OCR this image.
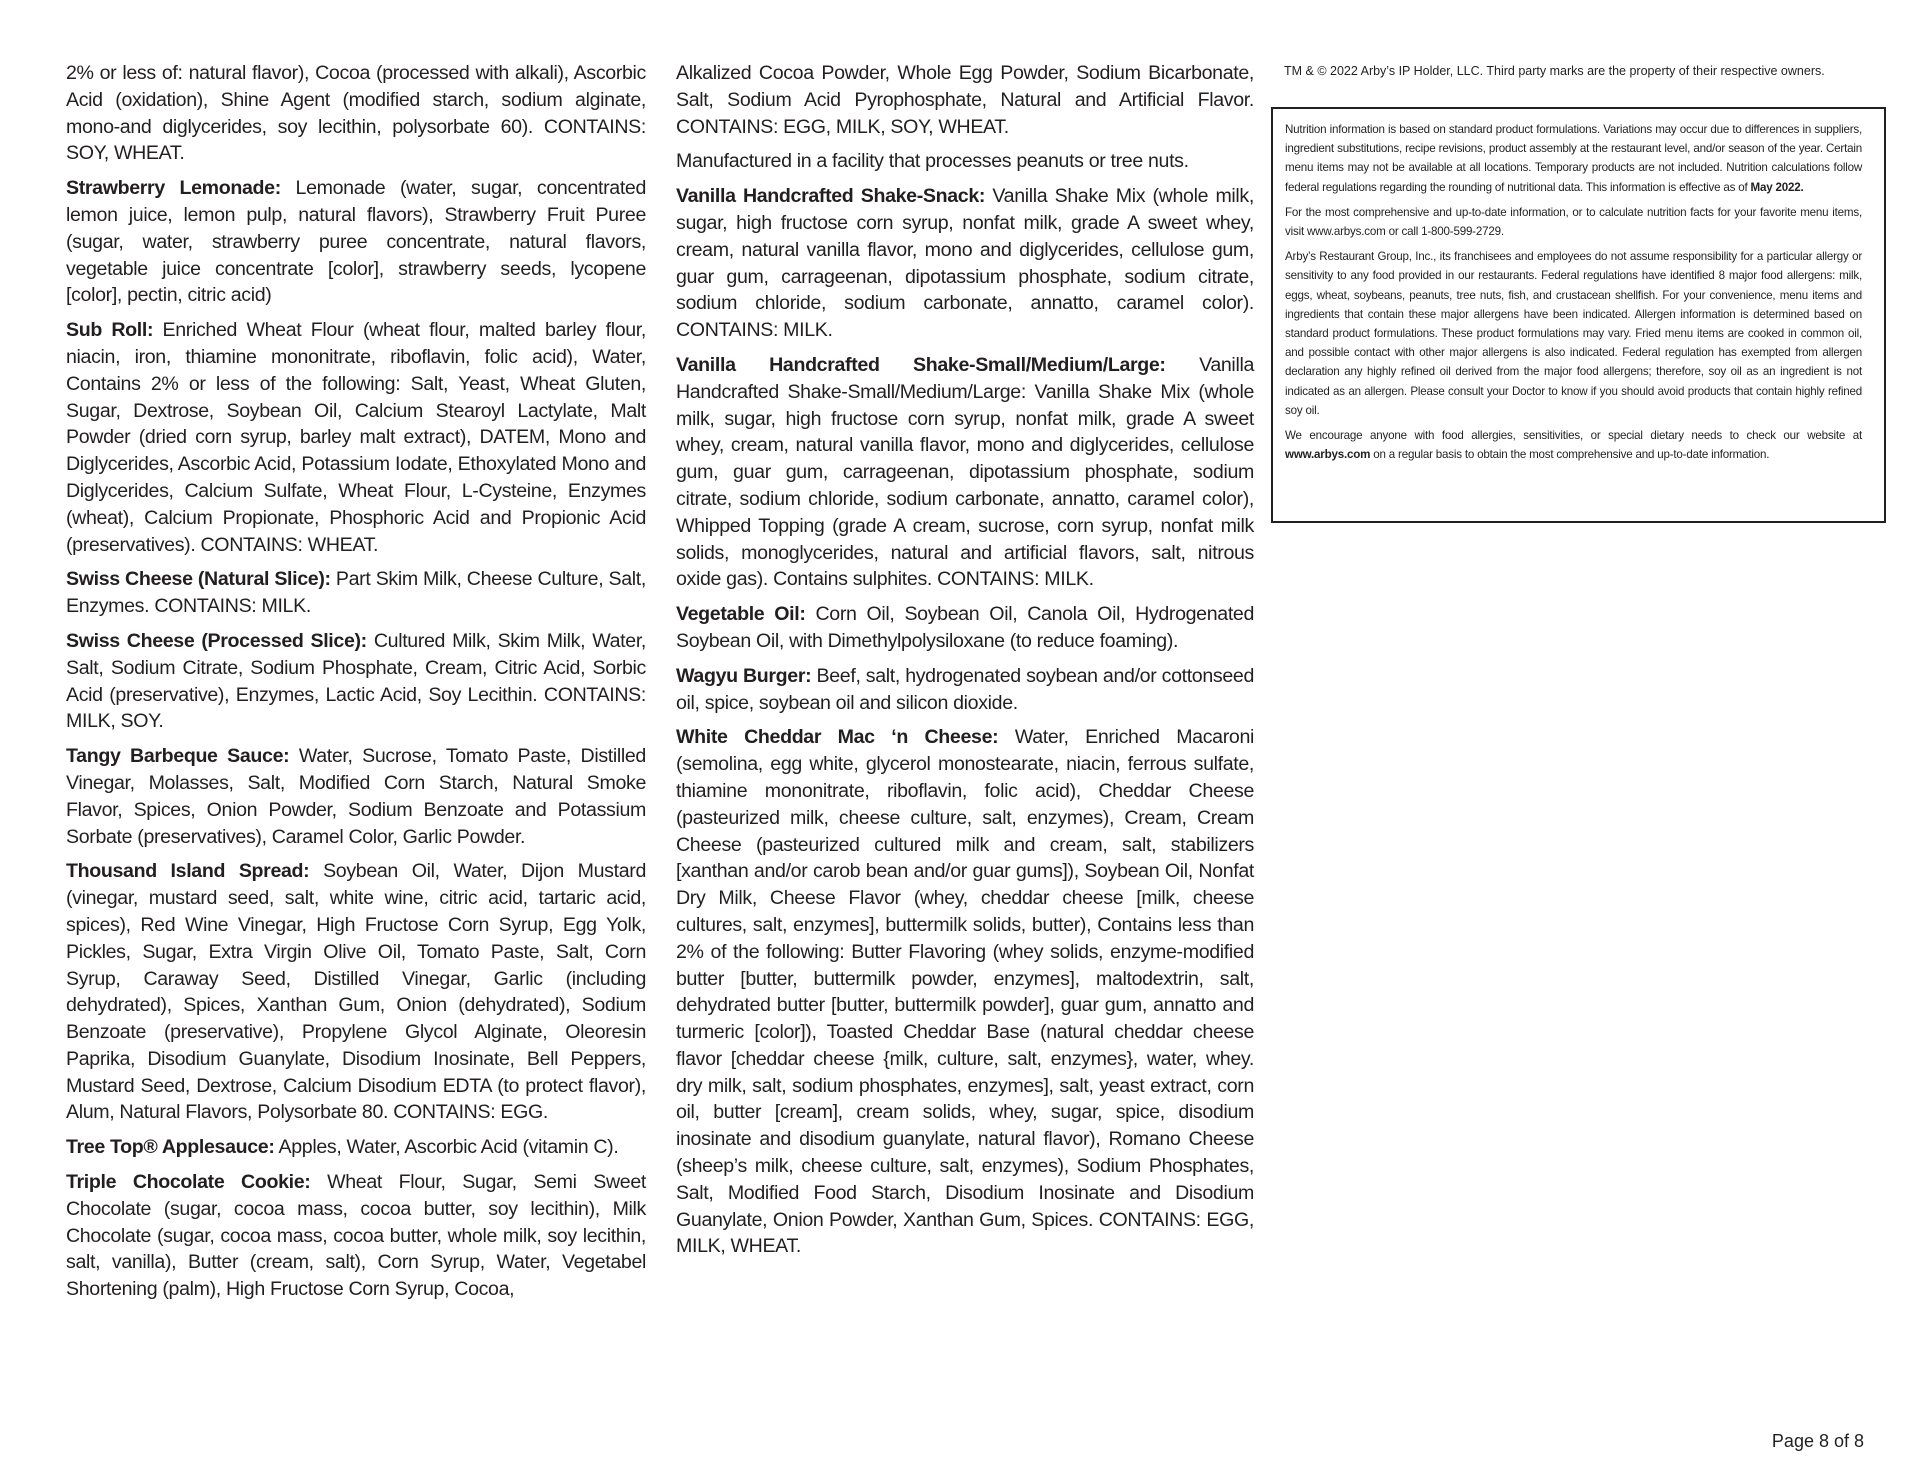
2% or less of: natural flavor), Cocoa (processed with alkali), Ascorbic Acid (oxidation), Shine Agent (modified starch, sodium alginate, mono-and diglycerides, soy lecithin, polysorbate 60). CONTAINS: SOY, WHEAT.

Strawberry Lemonade: Lemonade (water, sugar, concentrated lemon juice, lemon pulp, natural flavors), Strawberry Fruit Puree (sugar, water, strawberry puree concentrate, natural flavors, vegetable juice concentrate [color], strawberry seeds, lycopene [color], pectin, citric acid)

Sub Roll: Enriched Wheat Flour (wheat flour, malted barley flour, niacin, iron, thiamine mononitrate, riboflavin, folic acid), Water, Contains 2% or less of the following: Salt, Yeast, Wheat Gluten, Sugar, Dextrose, Soybean Oil, Calcium Stearoyl Lactylate, Malt Powder (dried corn syrup, barley malt extract), DATEM, Mono and Diglycerides, Ascorbic Acid, Potassium Iodate, Ethoxylated Mono and Diglycerides, Calcium Sulfate, Wheat Flour, L-Cysteine, Enzymes (wheat), Calcium Propionate, Phosphoric Acid and Propionic Acid (preservatives). CONTAINS: WHEAT.

Swiss Cheese (Natural Slice): Part Skim Milk, Cheese Culture, Salt, Enzymes. CONTAINS: MILK.

Swiss Cheese (Processed Slice): Cultured Milk, Skim Milk, Water, Salt, Sodium Citrate, Sodium Phosphate, Cream, Citric Acid, Sorbic Acid (preservative), Enzymes, Lactic Acid, Soy Lecithin. CONTAINS: MILK, SOY.

Tangy Barbeque Sauce: Water, Sucrose, Tomato Paste, Distilled Vinegar, Molasses, Salt, Modified Corn Starch, Natural Smoke Flavor, Spices, Onion Powder, Sodium Benzoate and Potassium Sorbate (preservatives), Caramel Color, Garlic Powder.

Thousand Island Spread: Soybean Oil, Water, Dijon Mustard (vinegar, mustard seed, salt, white wine, citric acid, tartaric acid, spices), Red Wine Vinegar, High Fructose Corn Syrup, Egg Yolk, Pickles, Sugar, Extra Virgin Olive Oil, Tomato Paste, Salt, Corn Syrup, Caraway Seed, Distilled Vinegar, Garlic (including dehydrated), Spices, Xanthan Gum, Onion (dehydrated), Sodium Benzoate (preservative), Propylene Glycol Alginate, Oleoresin Paprika, Disodium Guanylate, Disodium Inosinate, Bell Peppers, Mustard Seed, Dextrose, Calcium Disodium EDTA (to protect flavor), Alum, Natural Flavors, Polysorbate 80. CONTAINS: EGG.

Tree Top® Applesauce: Apples, Water, Ascorbic Acid (vitamin C).

Triple Chocolate Cookie: Wheat Flour, Sugar, Semi Sweet Chocolate (sugar, cocoa mass, cocoa butter, soy lecithin), Milk Chocolate (sugar, cocoa mass, cocoa butter, whole milk, soy lecithin, salt, vanilla), Butter (cream, salt), Corn Syrup, Water, Vegetabel Shortening (palm), High Fructose Corn Syrup, Cocoa,

Alkalized Cocoa Powder, Whole Egg Powder, Sodium Bicarbonate, Salt, Sodium Acid Pyrophosphate, Natural and Artificial Flavor. CONTAINS: EGG, MILK, SOY, WHEAT.

Manufactured in a facility that processes peanuts or tree nuts.

Vanilla Handcrafted Shake-Snack: Vanilla Shake Mix (whole milk, sugar, high fructose corn syrup, nonfat milk, grade A sweet whey, cream, natural vanilla flavor, mono and diglycerides, cellulose gum, guar gum, carrageenan, dipotassium phosphate, sodium citrate, sodium chloride, sodium carbonate, annatto, caramel color). CONTAINS: MILK.

Vanilla Handcrafted Shake-Small/Medium/Large: Vanilla Handcrafted Shake-Small/Medium/Large: Vanilla Shake Mix (whole milk, sugar, high fructose corn syrup, nonfat milk, grade A sweet whey, cream, natural vanilla flavor, mono and diglycerides, cellulose gum, guar gum, carrageenan, dipotassium phosphate, sodium citrate, sodium chloride, sodium carbonate, annatto, caramel color), Whipped Topping (grade A cream, sucrose, corn syrup, nonfat milk solids, monoglycerides, natural and artificial flavors, salt, nitrous oxide gas). Contains sulphites. CONTAINS: MILK.

Vegetable Oil: Corn Oil, Soybean Oil, Canola Oil, Hydrogenated Soybean Oil, with Dimethylpolysiloxane (to reduce foaming).

Wagyu Burger: Beef, salt, hydrogenated soybean and/or cottonseed oil, spice, soybean oil and silicon dioxide.

White Cheddar Mac ‘n Cheese: Water, Enriched Macaroni (semolina, egg white, glycerol monostearate, niacin, ferrous sulfate, thiamine mononitrate, riboflavin, folic acid), Cheddar Cheese (pasteurized milk, cheese culture, salt, enzymes), Cream, Cream Cheese (pasteurized cultured milk and cream, salt, stabilizers [xanthan and/or carob bean and/or guar gums]), Soybean Oil, Nonfat Dry Milk, Cheese Flavor (whey, cheddar cheese [milk, cheese cultures, salt, enzymes], buttermilk solids, butter), Contains less than 2% of the following: Butter Flavoring (whey solids, enzyme-modified butter [butter, buttermilk powder, enzymes], maltodextrin, salt, dehydrated butter [butter, buttermilk powder], guar gum, annatto and turmeric [color]), Toasted Cheddar Base (natural cheddar cheese flavor [cheddar cheese {milk, culture, salt, enzymes}, water, whey. dry milk, salt, sodium phosphates, enzymes], salt, yeast extract, corn oil, butter [cream], cream solids, whey, sugar, spice, disodium inosinate and disodium guanylate, natural flavor), Romano Cheese (sheep’s milk, cheese culture, salt, enzymes), Sodium Phosphates, Salt, Modified Food Starch, Disodium Inosinate and Disodium Guanylate, Onion Powder, Xanthan Gum, Spices. CONTAINS: EGG, MILK, WHEAT.

TM & © 2022 Arby’s IP Holder, LLC. Third party marks are the property of their respective owners.

Nutrition information is based on standard product formulations. Variations may occur due to differences in suppliers, ingredient substitutions, recipe revisions, product assembly at the restaurant level, and/or season of the year. Certain menu items may not be available at all locations. Temporary products are not included. Nutrition calculations follow federal regulations regarding the rounding of nutritional data. This information is effective as of May 2022.

For the most comprehensive and up-to-date information, or to calculate nutrition facts for your favorite menu items, visit www.arbys.com or call 1-800-599-2729.

Arby’s Restaurant Group, Inc., its franchisees and employees do not assume responsibility for a particular allergy or sensitivity to any food provided in our restaurants. Federal regulations have identified 8 major food allergens: milk, eggs, wheat, soybeans, peanuts, tree nuts, fish, and crustacean shellfish. For your convenience, menu items and ingredients that contain these major allergens have been indicated. Allergen information is determined based on standard product formulations. These product formulations may vary. Fried menu items are cooked in common oil, and possible contact with other major allergens is also indicated. Federal regulation has exempted from allergen declaration any highly refined oil derived from the major food allergens; therefore, soy oil as an ingredient is not indicated as an allergen. Please consult your Doctor to know if you should avoid products that contain highly refined soy oil.

We encourage anyone with food allergies, sensitivities, or special dietary needs to check our website at www.arbys.com on a regular basis to obtain the most comprehensive and up-to-date information.

Page 8 of 8
